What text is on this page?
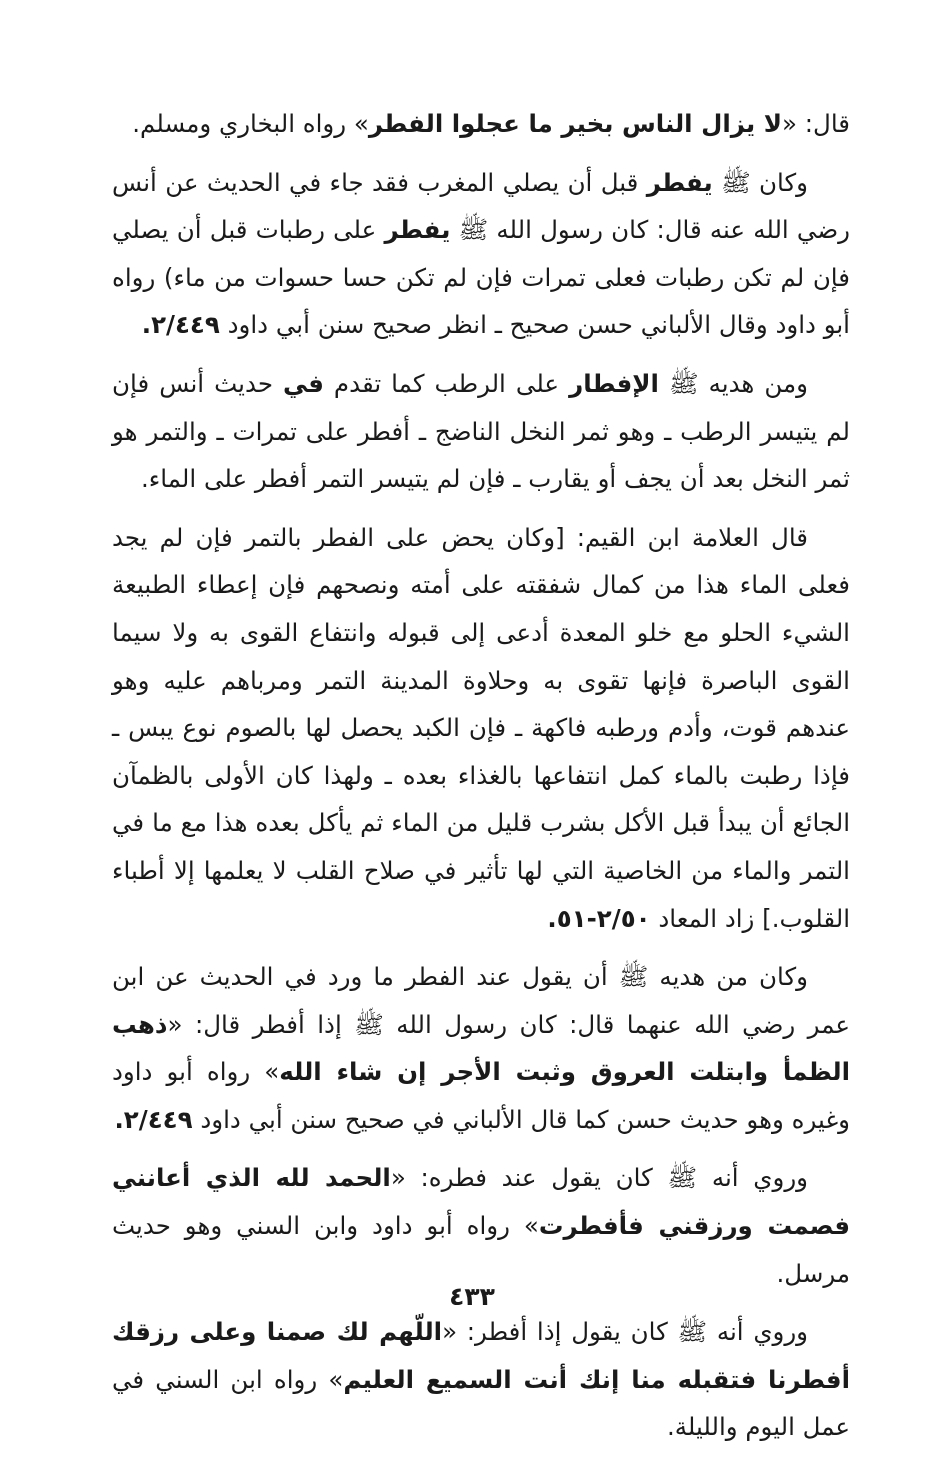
قال: «لا يزال الناس بخير ما عجلوا الفطر» رواه البخاري ومسلم.

وكان ﷺ يفطر قبل أن يصلي المغرب فقد جاء في الحديث عن أنس رضي الله عنه قال: كان رسول الله ﷺ يفطر على رطبات قبل أن يصلي فإن لم تكن رطبات فعلى تمرات فإن لم تكن حسا حسوات من ماء) رواه أبو داود وقال الألباني حسن صحيح ـ انظر صحيح سنن أبي داود ٢/٤٤٩.

ومن هديه ﷺ الإفطار على الرطب كما تقدم في حديث أنس فإن لم يتيسر الرطب ـ وهو ثمر النخل الناضج ـ أفطر على تمرات ـ والتمر هو ثمر النخل بعد أن يجف أو يقارب ـ فإن لم يتيسر التمر أفطر على الماء.

قال العلامة ابن القيم: [وكان يحض على الفطر بالتمر فإن لم يجد فعلى الماء هذا من كمال شفقته على أمته ونصحهم فإن إعطاء الطبيعة الشيء الحلو مع خلو المعدة أدعى إلى قبوله وانتفاع القوى به ولا سيما القوى الباصرة فإنها تقوى به وحلاوة المدينة التمر ومرباهم عليه وهو عندهم قوت، وأدم ورطبه فاكهة ـ فإن الكبد يحصل لها بالصوم نوع يبس ـ فإذا رطبت بالماء كمل انتفاعها بالغذاء بعده ـ ولهذا كان الأولى بالظمآن الجائع أن يبدأ قبل الأكل بشرب قليل من الماء ثم يأكل بعده هذا مع ما في التمر والماء من الخاصية التي لها تأثير في صلاح القلب لا يعلمها إلا أطباء القلوب.] زاد المعاد ٢/٥٠-٥١.

وكان من هديه ﷺ أن يقول عند الفطر ما ورد في الحديث عن ابن عمر رضي الله عنهما قال: كان رسول الله ﷺ إذا أفطر قال: «ذهب الظمأ وابتلت العروق وثبت الأجر إن شاء الله» رواه أبو داود وغيره وهو حديث حسن كما قال الألباني في صحيح سنن أبي داود ٢/٤٤٩.

وروي أنه ﷺ كان يقول عند فطره: «الحمد لله الذي أعانني فصمت ورزقني فأفطرت» رواه أبو داود وابن السني وهو حديث مرسل.

وروي أنه ﷺ كان يقول إذا أفطر: «اللّهم لك صمنا وعلى رزقك أفطرنا فتقبله منا إنك أنت السميع العليم» رواه ابن السني في عمل اليوم والليلة.

٤٣٣
